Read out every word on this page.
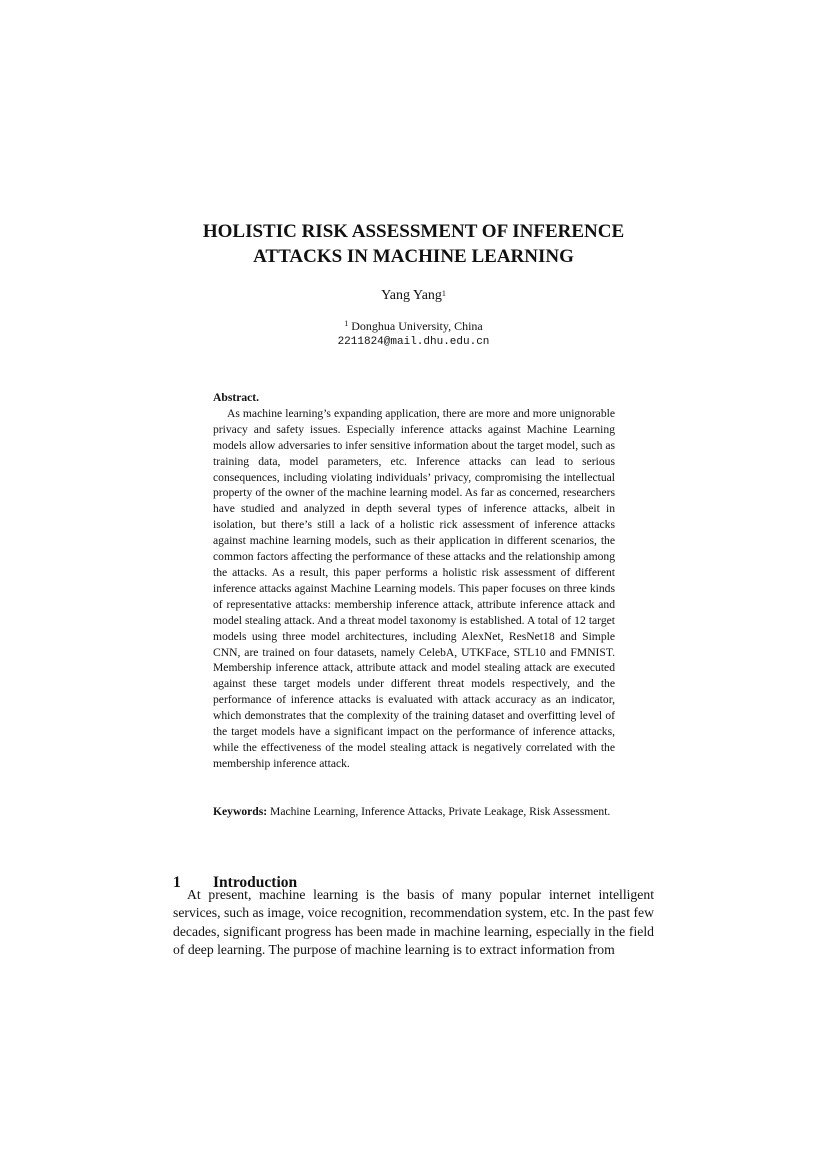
HOLISTIC RISK ASSESSMENT OF INFERENCE
ATTACKS IN MACHINE LEARNING
Yang Yang$^1$
$^1$ Donghua University, China
2211824@mail.dhu.edu.cn

Abstract.

As machine learning’s expanding application, there are more and more unignorable privacy and safety issues. Especially inference attacks against Machine Learning models allow adversaries to infer sensitive information about the target model, such as training data, model parameters, etc. Inference attacks can lead to serious consequences, including violating individuals’ privacy, compromising the intellectual property of the owner of the machine learning model. As far as concerned, researchers have studied and analyzed in depth several types of inference attacks, albeit in isolation, but there’s still a lack of a holistic rick assessment of inference attacks against machine learning models, such as their application in different scenarios, the common factors affecting the performance of these attacks and the relationship among the attacks. As a result, this paper performs a holistic risk assessment of different inference attacks against Machine Learning models. This paper focuses on three kinds of representative attacks: membership inference attack, attribute inference attack and model stealing attack. And a threat model taxonomy is established. A total of 12 target models using three model architectures, including AlexNet, ResNet18 and Simple CNN, are trained on four datasets, namely CelebA, UTKFace, STL10 and FMNIST. Membership inference attack, attribute attack and model stealing attack are executed against these target models under different threat models respectively, and the performance of inference attacks is evaluated with attack accuracy as an indicator, which demonstrates that the complexity of the training dataset and overfitting level of the target models have a significant impact on the performance of inference attacks, while the effectiveness of the model stealing attack is negatively correlated with the membership inference attack.

Keywords: Machine Learning, Inference Attacks, Private Leakage, Risk Assessment.

1 Introduction

At present, machine learning is the basis of many popular internet intelligent services, such as image, voice recognition, recommendation system, etc. In the past few decades, significant progress has been made in machine learning, especially in the field of deep learning. The purpose of machine learning is to extract information from
